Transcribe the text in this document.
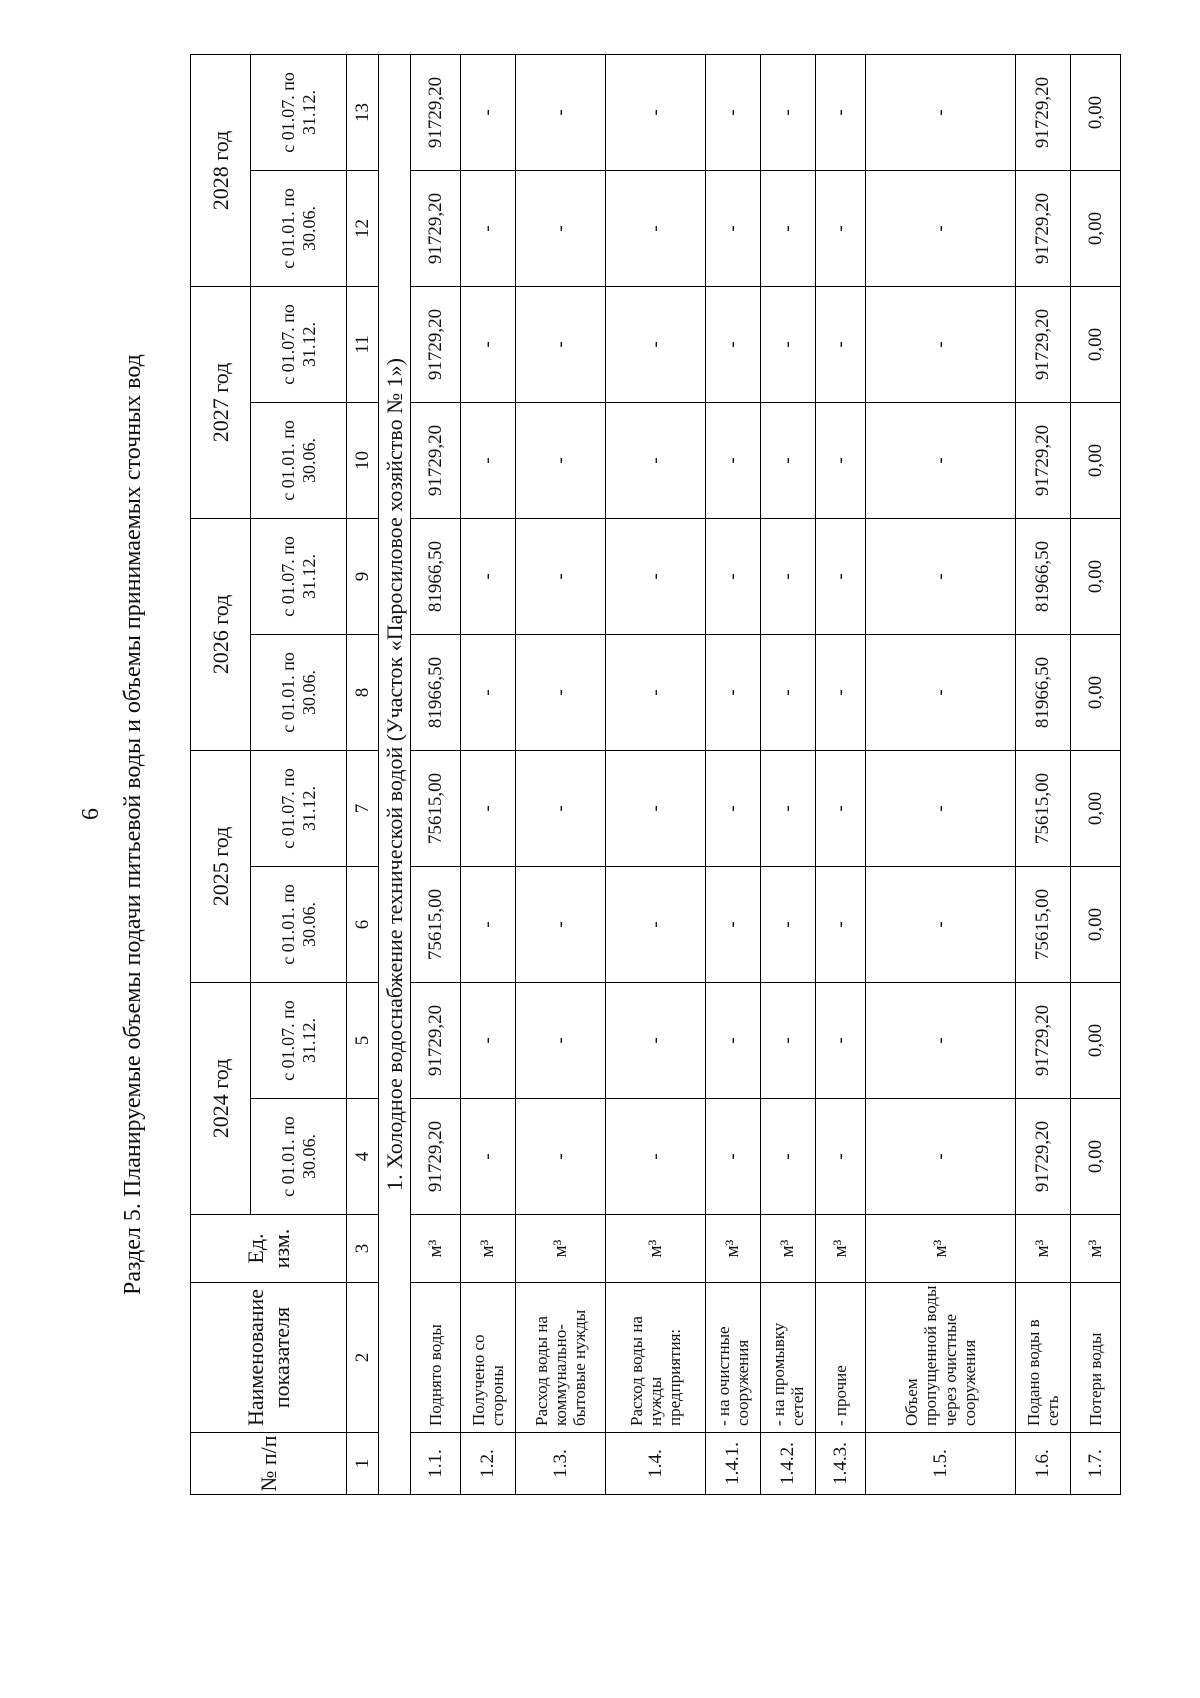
6 Раздел 5. Планируемые объемы подачи питьевой воды и объемы принимаемых сточных вод
№ п/п	Наименование показателя	Ед. изм.	2024 год		2025 год		2026 год		2027 год		2028 год	
			с 01.01. по 30.06.	с 01.07. по 31.12.	с 01.01. по 30.06.	с 01.07. по 31.12.	с 01.01. по 30.06.	с 01.07. по 31.12.	с 01.01. по 30.06.	с 01.07. по 31.12.	с 01.01. по 30.06.	с 01.07. по 31.12.
1	2	3	4	5	6	7	8	9	10	11	12	13
1. Холодное водоснабжение технической водой (Участок «Паросиловое хозяйство № 1»)												
1.1.	Поднято воды	м³	91729,20	91729,20	75615,00	75615,00	81966,50	81966,50	91729,20	91729,20	91729,20	91729,20
1.2.	Получено со стороны	м³	-	-	-	-	-	-	-	-	-	-
1.3.	Расход воды на коммунально-бытовые нужды	м³	-	-	-	-	-	-	-	-	-	-
1.4.	Расход воды на нужды предприятия:	м³	-	-	-	-	-	-	-	-	-	-
1.4.1.	- на очистные сооружения	м³	-	-	-	-	-	-	-	-	-	-
1.4.2.	- на промывку сетей	м³	-	-	-	-	-	-	-	-	-	-
1.4.3.	- прочие	м³	-	-	-	-	-	-	-	-	-	-
1.5.	Объем пропущенной воды через очистные сооружения	м³	-	-	-	-	-	-	-	-	-	-
1.6.	Подано воды в сеть	м³	91729,20	91729,20	75615,00	75615,00	81966,50	81966,50	91729,20	91729,20	91729,20	91729,20
1.7.	Потери воды	м³	0,00	0,00	0,00	0,00	0,00	0,00	0,00	0,00	0,00	0,00
